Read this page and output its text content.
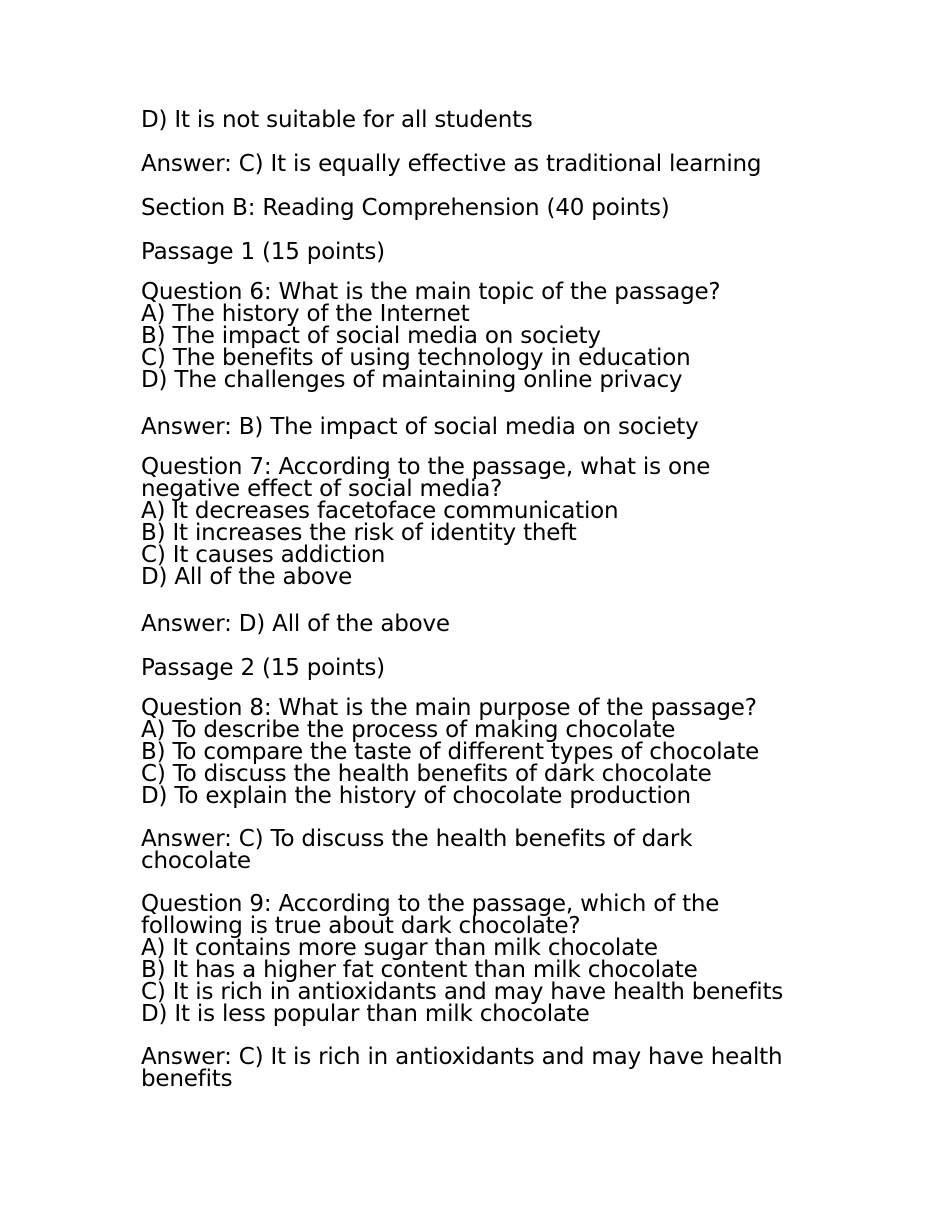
D) It is not suitable for all students

Answer: C) It is equally effective as traditional learning

Section B: Reading Comprehension (40 points)

Passage 1 (15 points)

Question 6: What is the main topic of the passage?
A) The history of the Internet
B) The impact of social media on society
C) The benefits of using technology in education
D) The challenges of maintaining online privacy

Answer: B) The impact of social media on society

Question 7: According to the passage, what is one
negative effect of social media?
A) It decreases facetoface communication
B) It increases the risk of identity theft
C) It causes addiction
D) All of the above

Answer: D) All of the above

Passage 2 (15 points)

Question 8: What is the main purpose of the passage?
A) To describe the process of making chocolate
B) To compare the taste of different types of chocolate
C) To discuss the health benefits of dark chocolate
D) To explain the history of chocolate production
Answer: C) To discuss the health benefits of dark
chocolate
Question 9: According to the passage, which of the
following is true about dark chocolate?
A) It contains more sugar than milk chocolate
B) It has a higher fat content than milk chocolate
C) It is rich in antioxidants and may have health benefits
D) It is less popular than milk chocolate
Answer: C) It is rich in antioxidants and may have health
benefits
